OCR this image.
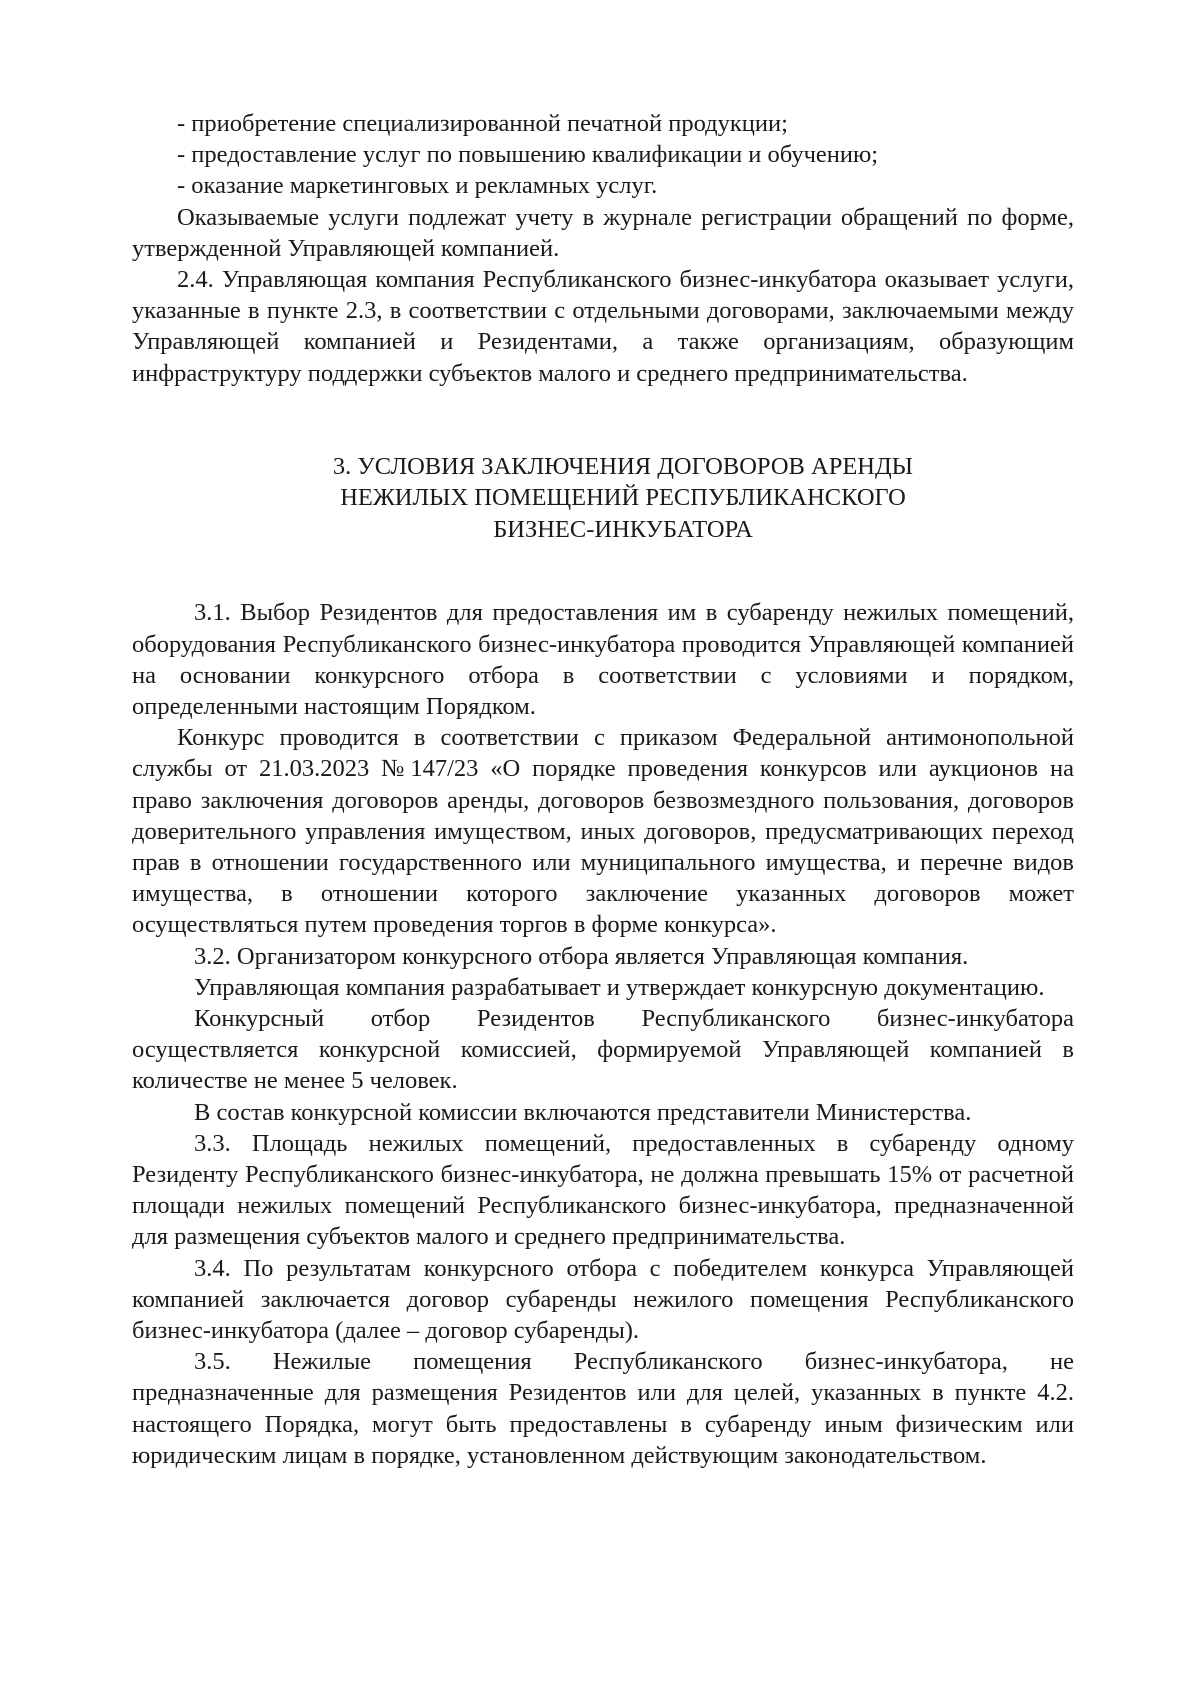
- приобретение специализированной печатной продукции;

- предоставление услуг по повышению квалификации и обучению;

- оказание маркетинговых и рекламных услуг.

Оказываемые услуги подлежат учету в журнале регистрации обращений по форме, утвержденной Управляющей компанией.

2.4. Управляющая компания Республиканского бизнес-инкубатора оказывает услуги, указанные в пункте 2.3, в соответствии с отдельными договорами, заключаемыми между Управляющей компанией и Резидентами, а также организациям, образующим инфраструктуру поддержки субъектов малого и среднего предпринимательства.

3. УСЛОВИЯ ЗАКЛЮЧЕНИЯ ДОГОВОРОВ АРЕНДЫ
НЕЖИЛЫХ ПОМЕЩЕНИЙ РЕСПУБЛИКАНСКОГО
БИЗНЕС-ИНКУБАТОРА

3.1. Выбор Резидентов для предоставления им в субаренду нежилых помещений, оборудования Республиканского бизнес-инкубатора проводится Управляющей компанией на основании конкурсного отбора в соответствии с условиями и порядком, определенными настоящим Порядком.

Конкурс проводится в соответствии с приказом Федеральной антимонопольной службы от 21.03.2023 №147/23 «О порядке проведения конкурсов или аукционов на право заключения договоров аренды, договоров безвозмездного пользования, договоров доверительного управления имуществом, иных договоров, предусматривающих переход прав в отношении государственного или муниципального имущества, и перечне видов имущества, в отношении которого заключение указанных договоров может осуществляться путем проведения торгов в форме конкурса».

3.2. Организатором конкурсного отбора является Управляющая компания.

Управляющая компания разрабатывает и утверждает конкурсную документацию.

Конкурсный отбор Резидентов Республиканского бизнес-инкубатора осуществляется конкурсной комиссией, формируемой Управляющей компанией в количестве не менее 5 человек.

В состав конкурсной комиссии включаются представители Министерства.

3.3. Площадь нежилых помещений, предоставленных в субаренду одному Резиденту Республиканского бизнес-инкубатора, не должна превышать 15% от расчетной площади нежилых помещений Республиканского бизнес-инкубатора, предназначенной для размещения субъектов малого и среднего предпринимательства.

3.4. По результатам конкурсного отбора с победителем конкурса Управляющей компанией заключается договор субаренды нежилого помещения Республиканского бизнес-инкубатора (далее – договор субаренды).

3.5. Нежилые помещения Республиканского бизнес-инкубатора, не предназначенные для размещения Резидентов или для целей, указанных в пункте 4.2. настоящего Порядка, могут быть предоставлены в субаренду иным физическим или юридическим лицам в порядке, установленном действующим законодательством.
